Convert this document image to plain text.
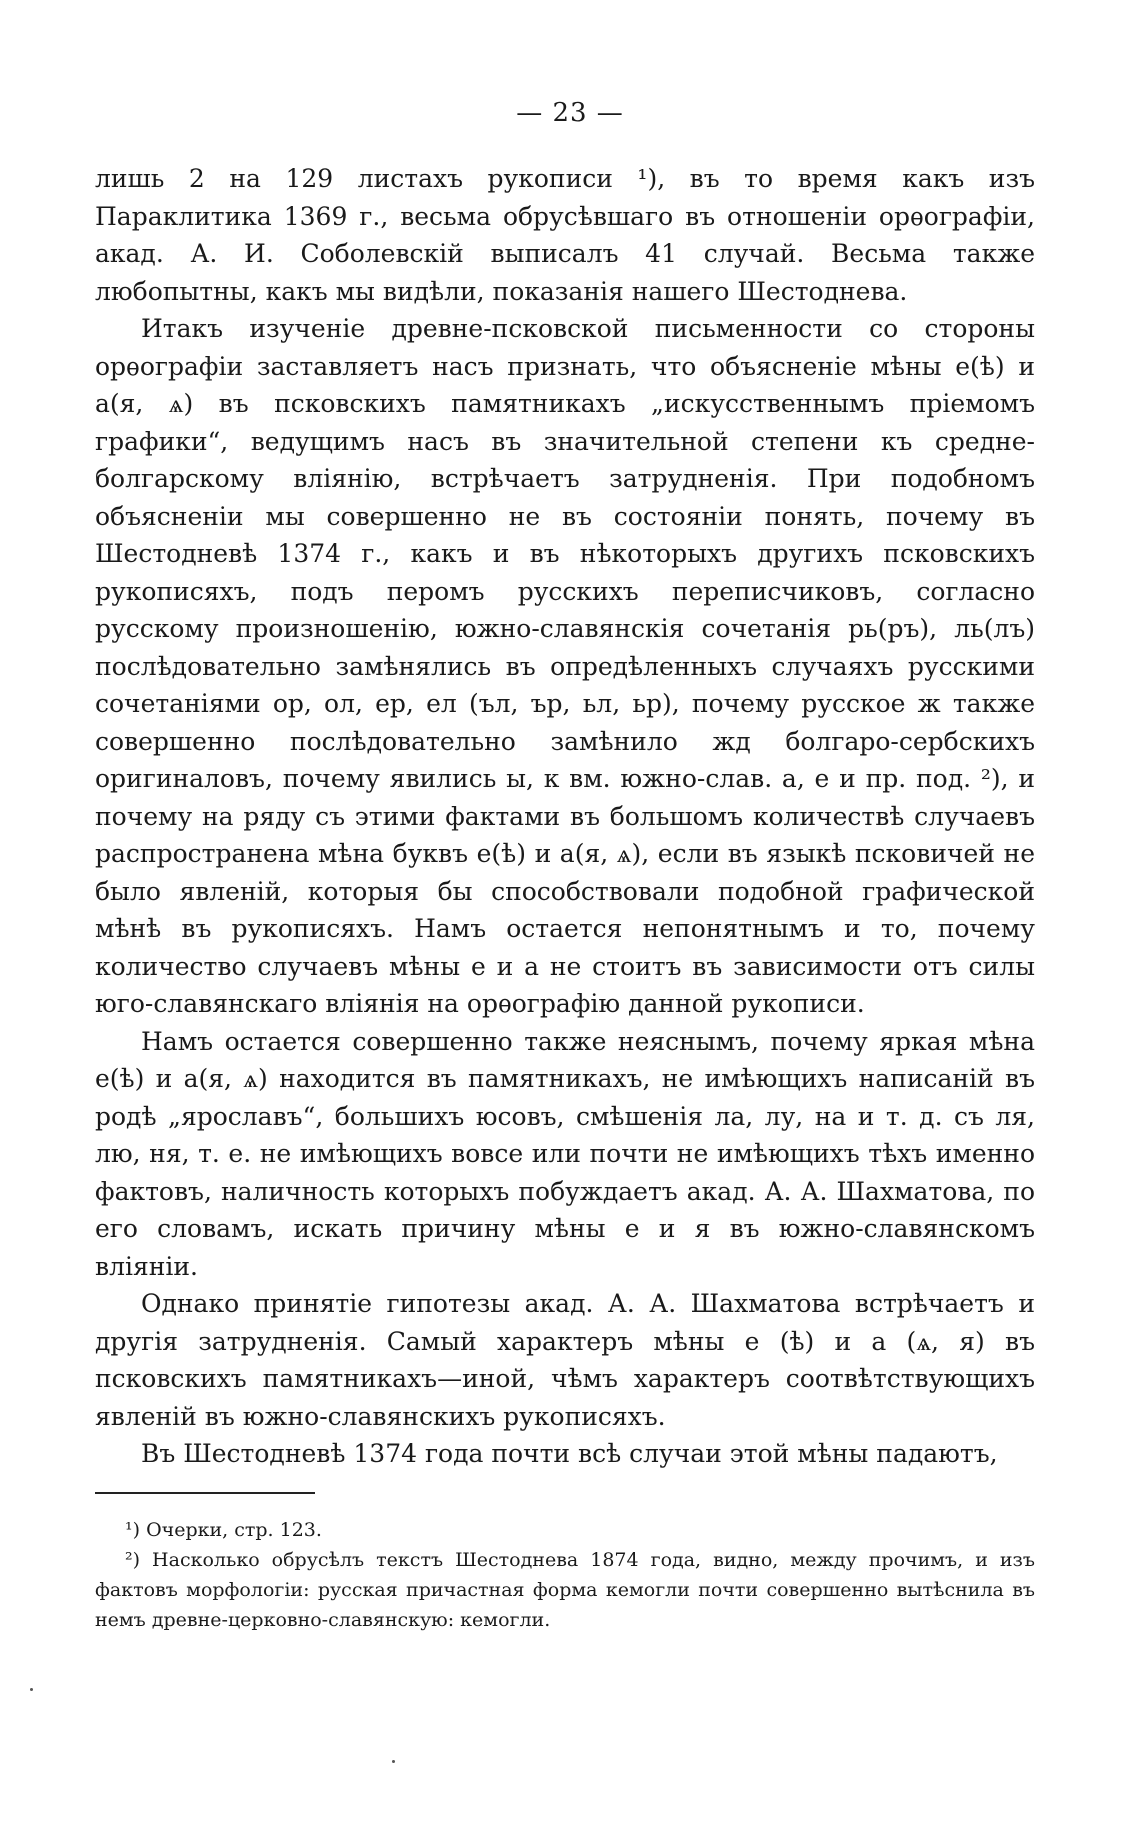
— 23 —

лишь 2 на 129 листахъ рукописи ¹), въ то время какъ изъ Параклитика 1369 г., весьма обрусѣвшаго въ отношеніи орѳографіи, акад. А. И. Соболевскій выписалъ 41 случай. Весьма также любопытны, какъ мы видѣли, показанія нашего Шестоднева.

Итакъ изученіе древне-псковской письменности со стороны орѳографіи заставляетъ насъ признать, что объясненіе мѣны е(ѣ) и а(я, ѧ) въ псковскихъ памятникахъ „искусственнымъ пріемомъ графики“, ведущимъ насъ въ значительной степени къ средне-болгарскому вліянію, встрѣчаетъ затрудненія. При подобномъ объясненіи мы совершенно не въ состояніи понять, почему въ Шестодневѣ 1374 г., какъ и въ нѣкоторыхъ другихъ псковскихъ рукописяхъ, подъ перомъ русскихъ переписчиковъ, согласно русскому произношенію, южно-славянскія сочетанія рь(ръ), ль(лъ) послѣдовательно замѣнялись въ опредѣленныхъ случаяхъ русскими сочетаніями ор, ол, ер, ел (ъл, ър, ьл, ьр), почему русское ж также совершенно послѣдовательно замѣнило жд болгаро-сербскихъ оригиналовъ, почему явились ы, к вм. южно-слав. а, е и пр. под. ²), и почему на ряду съ этими фактами въ большомъ количествѣ случаевъ распространена мѣна буквъ е(ѣ) и а(я, ѧ), если въ языкѣ псковичей не было явленій, которыя бы способствовали подобной графической мѣнѣ въ рукописяхъ. Намъ остается непонятнымъ и то, почему количество случаевъ мѣны е и а не стоитъ въ зависимости отъ силы юго-славянскаго вліянія на орѳографію данной рукописи.

Намъ остается совершенно также неяснымъ, почему яркая мѣна е(ѣ) и а(я, ѧ) находится въ памятникахъ, не имѣющихъ написаній въ родѣ „ярославъ“, большихъ юсовъ, смѣшенія ла, лу, на и т. д. съ ля, лю, ня, т. е. не имѣющихъ вовсе или почти не имѣющихъ тѣхъ именно фактовъ, наличность которыхъ побуждаетъ акад. А. А. Шахматова, по его словамъ, искать причину мѣны е и я въ южно-славянскомъ вліяніи.

Однако принятіе гипотезы акад. А. А. Шахматова встрѣчаетъ и другія затрудненія. Самый характеръ мѣны е (ѣ) и а (ѧ, я) въ псковскихъ памятникахъ—иной, чѣмъ характеръ соотвѣтствующихъ явленій въ южно-славянскихъ рукописяхъ.

Въ Шестодневѣ 1374 года почти всѣ случаи этой мѣны падаютъ,

¹) Очерки, стр. 123.

²) Насколько обрусѣлъ текстъ Шестоднева 1874 года, видно, между прочимъ, и изъ фактовъ морфологіи: русская причастная форма кемогли почти совершенно вытѣснила въ немъ древне-церковно-славянскую: кемогли.
